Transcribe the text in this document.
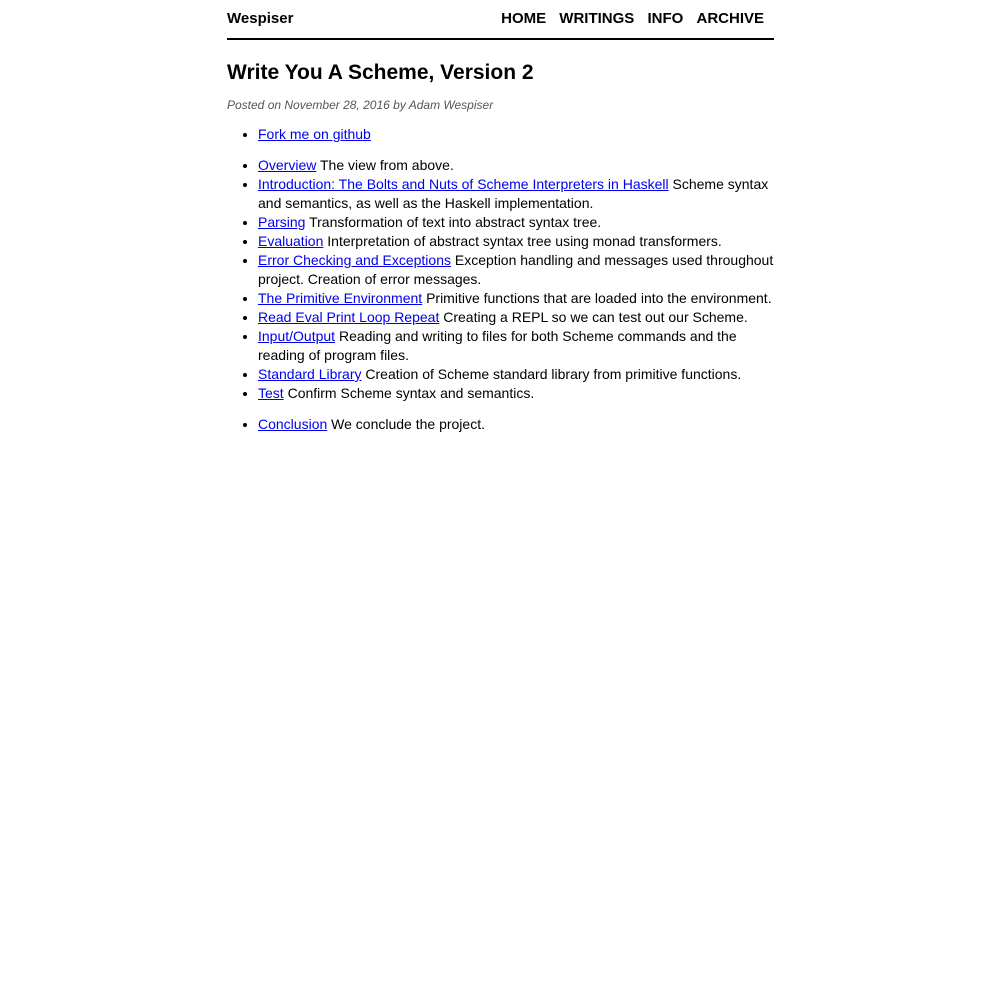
Wespiser	HOME WRITINGS INFO ARCHIVE
Write You A Scheme, Version 2
Posted on November 28, 2016 by Adam Wespiser
• Fork me on github
• Overview The view from above.
• Introduction: The Bolts and Nuts of Scheme Interpreters in Haskell Scheme syntax and semantics, as well as the Haskell implementation.
• Parsing Transformation of text into abstract syntax tree.
• Evaluation Interpretation of abstract syntax tree using monad transformers.
• Error Checking and Exceptions Exception handling and messages used throughout project. Creation of error messages.
• The Primitive Environment Primitive functions that are loaded into the environment.
• Read Eval Print Loop Repeat Creating a REPL so we can test out our Scheme.
• Input/Output Reading and writing to files for both Scheme commands and the reading of program files.
• Standard Library Creation of Scheme standard library from primitive functions.
• Test Confirm Scheme syntax and semantics.
• Conclusion We conclude the project.
